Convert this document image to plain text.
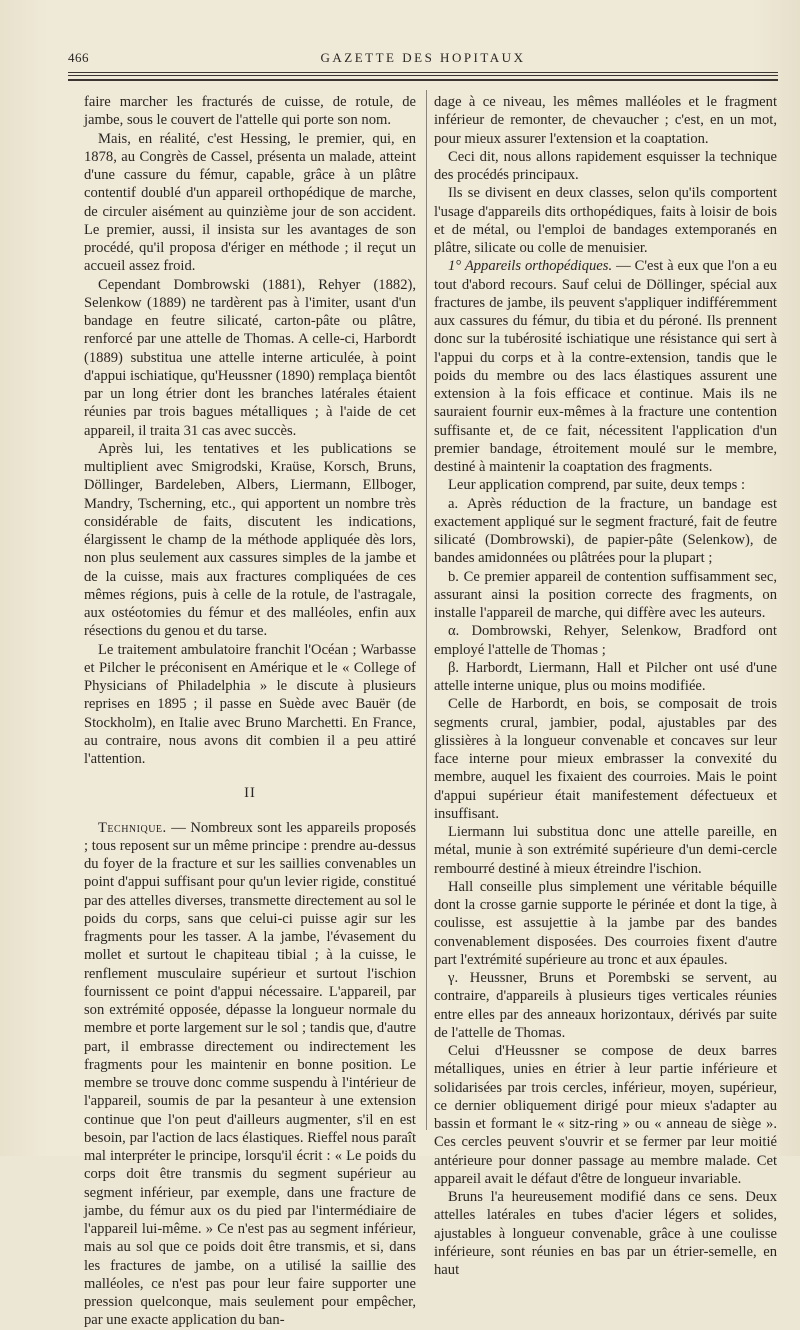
466	GAZETTE DES HOPITAUX

faire marcher les fracturés de cuisse, de rotule, de jambe, sous le couvert de l'attelle qui porte son nom.

Mais, en réalité, c'est Hessing, le premier, qui, en 1878, au Congrès de Cassel, présenta un malade, atteint d'une cassure du fémur, capable, grâce à un plâtre contentif doublé d'un appareil orthopédique de marche, de circuler aisément au quinzième jour de son accident. Le premier, aussi, il insista sur les avantages de son procédé, qu'il proposa d'ériger en méthode ; il reçut un accueil assez froid.

Cependant Dombrowski (1881), Rehyer (1882), Selenkow (1889) ne tardèrent pas à l'imiter, usant d'un bandage en feutre silicaté, carton-pâte ou plâtre, renforcé par une attelle de Thomas. A celle-ci, Harbordt (1889) substitua une attelle interne articulée, à point d'appui ischiatique, qu'Heussner (1890) remplaça bientôt par un long étrier dont les branches latérales étaient réunies par trois bagues métalliques ; à l'aide de cet appareil, il traita 31 cas avec succès.

Après lui, les tentatives et les publications se multiplient avec Smigrodski, Kraüse, Korsch, Bruns, Döllinger, Bardeleben, Albers, Liermann, Ellboger, Mandry, Tscherning, etc., qui apportent un nombre très considérable de faits, discutent les indications, élargissent le champ de la méthode appliquée dès lors, non plus seulement aux cassures simples de la jambe et de la cuisse, mais aux fractures compliquées de ces mêmes régions, puis à celle de la rotule, de l'astragale, aux ostéotomies du fémur et des malléoles, enfin aux résections du genou et du tarse.

Le traitement ambulatoire franchit l'Océan ; Warbasse et Pilcher le préconisent en Amérique et le « College of Physicians of Philadelphia » le discute à plusieurs reprises en 1895 ; il passe en Suède avec Bauër (de Stockholm), en Italie avec Bruno Marchetti. En France, au contraire, nous avons dit combien il a peu attiré l'attention.

II

Technique. — Nombreux sont les appareils proposés ; tous reposent sur un même principe : prendre au-dessus du foyer de la fracture et sur les saillies convenables un point d'appui suffisant pour qu'un levier rigide, constitué par des attelles diverses, transmette directement au sol le poids du corps, sans que celui-ci puisse agir sur les fragments pour les tasser. A la jambe, l'évasement du mollet et surtout le chapiteau tibial ; à la cuisse, le renflement musculaire supérieur et surtout l'ischion fournissent ce point d'appui nécessaire. L'appareil, par son extrémité opposée, dépasse la longueur normale du membre et porte largement sur le sol ; tandis que, d'autre part, il embrasse directement ou indirectement les fragments pour les maintenir en bonne position. Le membre se trouve donc comme suspendu à l'intérieur de l'appareil, soumis de par la pesanteur à une extension continue que l'on peut d'ailleurs augmenter, s'il en est besoin, par l'action de lacs élastiques. Rieffel nous paraît mal interpréter le principe, lorsqu'il écrit : « Le poids du corps doit être transmis du segment supérieur au segment inférieur, par exemple, dans une fracture de jambe, du fémur aux os du pied par l'intermédiaire de l'appareil lui-même. » Ce n'est pas au segment inférieur, mais au sol que ce poids doit être transmis, et si, dans les fractures de jambe, on a utilisé la saillie des malléoles, ce n'est pas pour leur faire supporter une pression quelconque, mais seulement pour empêcher, par une exacte application du ban-

dage à ce niveau, les mêmes malléoles et le fragment inférieur de remonter, de chevaucher ; c'est, en un mot, pour mieux assurer l'extension et la coaptation.

Ceci dit, nous allons rapidement esquisser la technique des procédés principaux.

Ils se divisent en deux classes, selon qu'ils comportent l'usage d'appareils dits orthopédiques, faits à loisir de bois et de métal, ou l'emploi de bandages extemporanés en plâtre, silicate ou colle de menuisier.

1° Appareils orthopédiques. — C'est à eux que l'on a eu tout d'abord recours. Sauf celui de Döllinger, spécial aux fractures de jambe, ils peuvent s'appliquer indifféremment aux cassures du fémur, du tibia et du péroné. Ils prennent donc sur la tubérosité ischiatique une résistance qui sert à l'appui du corps et à la contre-extension, tandis que le poids du membre ou des lacs élastiques assurent une extension à la fois efficace et continue. Mais ils ne sauraient fournir eux-mêmes à la fracture une contention suffisante et, de ce fait, nécessitent l'application d'un premier bandage, étroitement moulé sur le membre, destiné à maintenir la coaptation des fragments.

Leur application comprend, par suite, deux temps :

a. Après réduction de la fracture, un bandage est exactement appliqué sur le segment fracturé, fait de feutre silicaté (Dombrowski), de papier-pâte (Selenkow), de bandes amidonnées ou plâtrées pour la plupart ;

b. Ce premier appareil de contention suffisamment sec, assurant ainsi la position correcte des fragments, on installe l'appareil de marche, qui diffère avec les auteurs.

α. Dombrowski, Rehyer, Selenkow, Bradford ont employé l'attelle de Thomas ;

β. Harbordt, Liermann, Hall et Pilcher ont usé d'une attelle interne unique, plus ou moins modifiée.

Celle de Harbordt, en bois, se composait de trois segments crural, jambier, podal, ajustables par des glissières à la longueur convenable et concaves sur leur face interne pour mieux embrasser la convexité du membre, auquel les fixaient des courroies. Mais le point d'appui supérieur était manifestement défectueux et insuffisant.

Liermann lui substitua donc une attelle pareille, en métal, munie à son extrémité supérieure d'un demi-cercle rembourré destiné à mieux étreindre l'ischion.

Hall conseille plus simplement une véritable béquille dont la crosse garnie supporte le périnée et dont la tige, à coulisse, est assujettie à la jambe par des bandes convenablement disposées. Des courroies fixent d'autre part l'extrémité supérieure au tronc et aux épaules.

γ. Heussner, Bruns et Porembski se servent, au contraire, d'appareils à plusieurs tiges verticales réunies entre elles par des anneaux horizontaux, dérivés par suite de l'attelle de Thomas.

Celui d'Heussner se compose de deux barres métalliques, unies en étrier à leur partie inférieure et solidarisées par trois cercles, inférieur, moyen, supérieur, ce dernier obliquement dirigé pour mieux s'adapter au bassin et formant le « sitz-ring » ou « anneau de siège ». Ces cercles peuvent s'ouvrir et se fermer par leur moitié antérieure pour donner passage au membre malade. Cet appareil avait le défaut d'être de longueur invariable.

Bruns l'a heureusement modifié dans ce sens. Deux attelles latérales en tubes d'acier légers et solides, ajustables à longueur convenable, grâce à une coulisse inférieure, sont réunies en bas par un étrier-semelle, en haut
